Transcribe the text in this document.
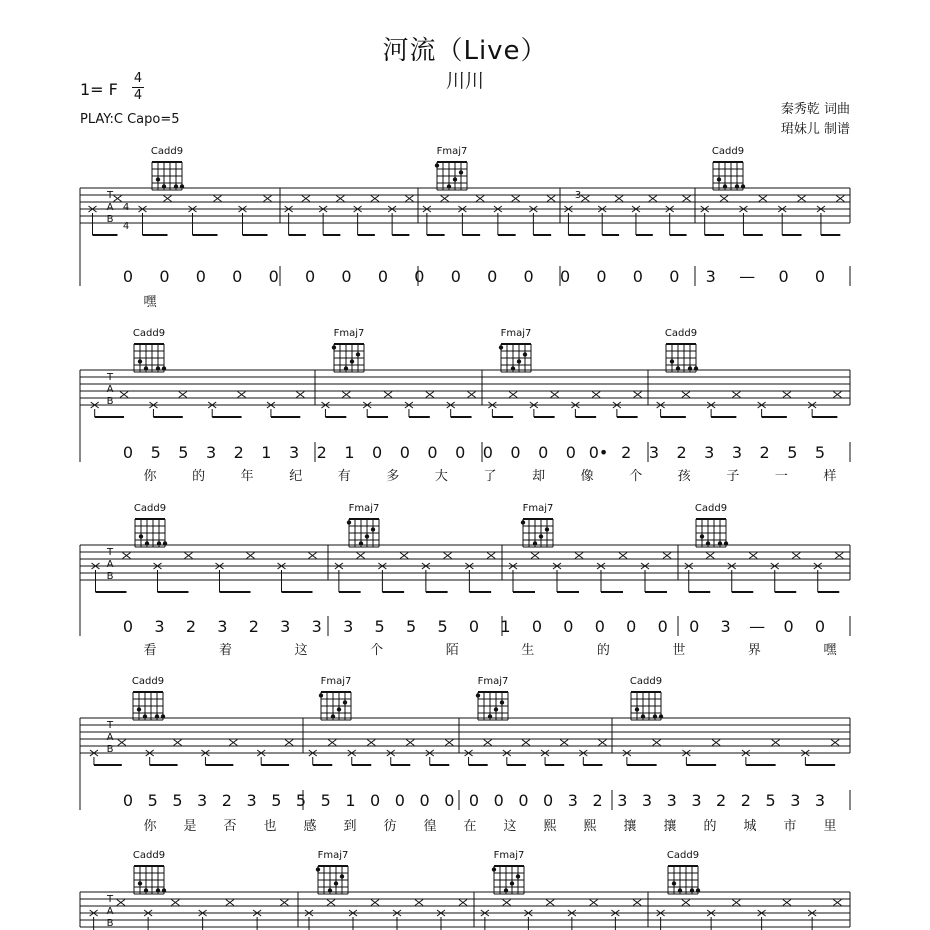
河流（Live）
川川
1= F
4
4
PLAY:C Capo=5
秦秀乾 词曲
珺妹儿 制谱
Cadd9	Fmaj7	Cadd9
T
A
B
4
4
0 0 0 0 0 0 0 0 0 0 0 0 0 0 0 0 3 — 0 0
嘿
3
Cadd9	Fmaj7	Fmaj7	Cadd9
T
A
B
0 5 5 3 2 1 3 2 1 0 0 0 0 0 0 0 0 0• 2 3 2 3 3 2 5 5
你	的	年	纪	有	多	大	了	却	像	个	孩	子	一	样
Cadd9	Fmaj7	Fmaj7	Cadd9
T
A
B
0 3 2 3 2 3 3 3 5 5 5 0 1 0 0 0 0 0 0 3 — 0 0
看	着	这	个	陌	生	的	世	界	嘿
Cadd9	Fmaj7	Fmaj7	Cadd9
T
A
B
0 5 5 3 2 3 5 5 5 1 0 0 0 0 0 0 0 0 3 2 3 3 3 3 2 2 5 3 3
你 是 否 也 感 到 彷 徨 在 这 熙 熙 攘 攘 的 城 市 里
Cadd9	Fmaj7	Fmaj7	Cadd9
T
A
B
